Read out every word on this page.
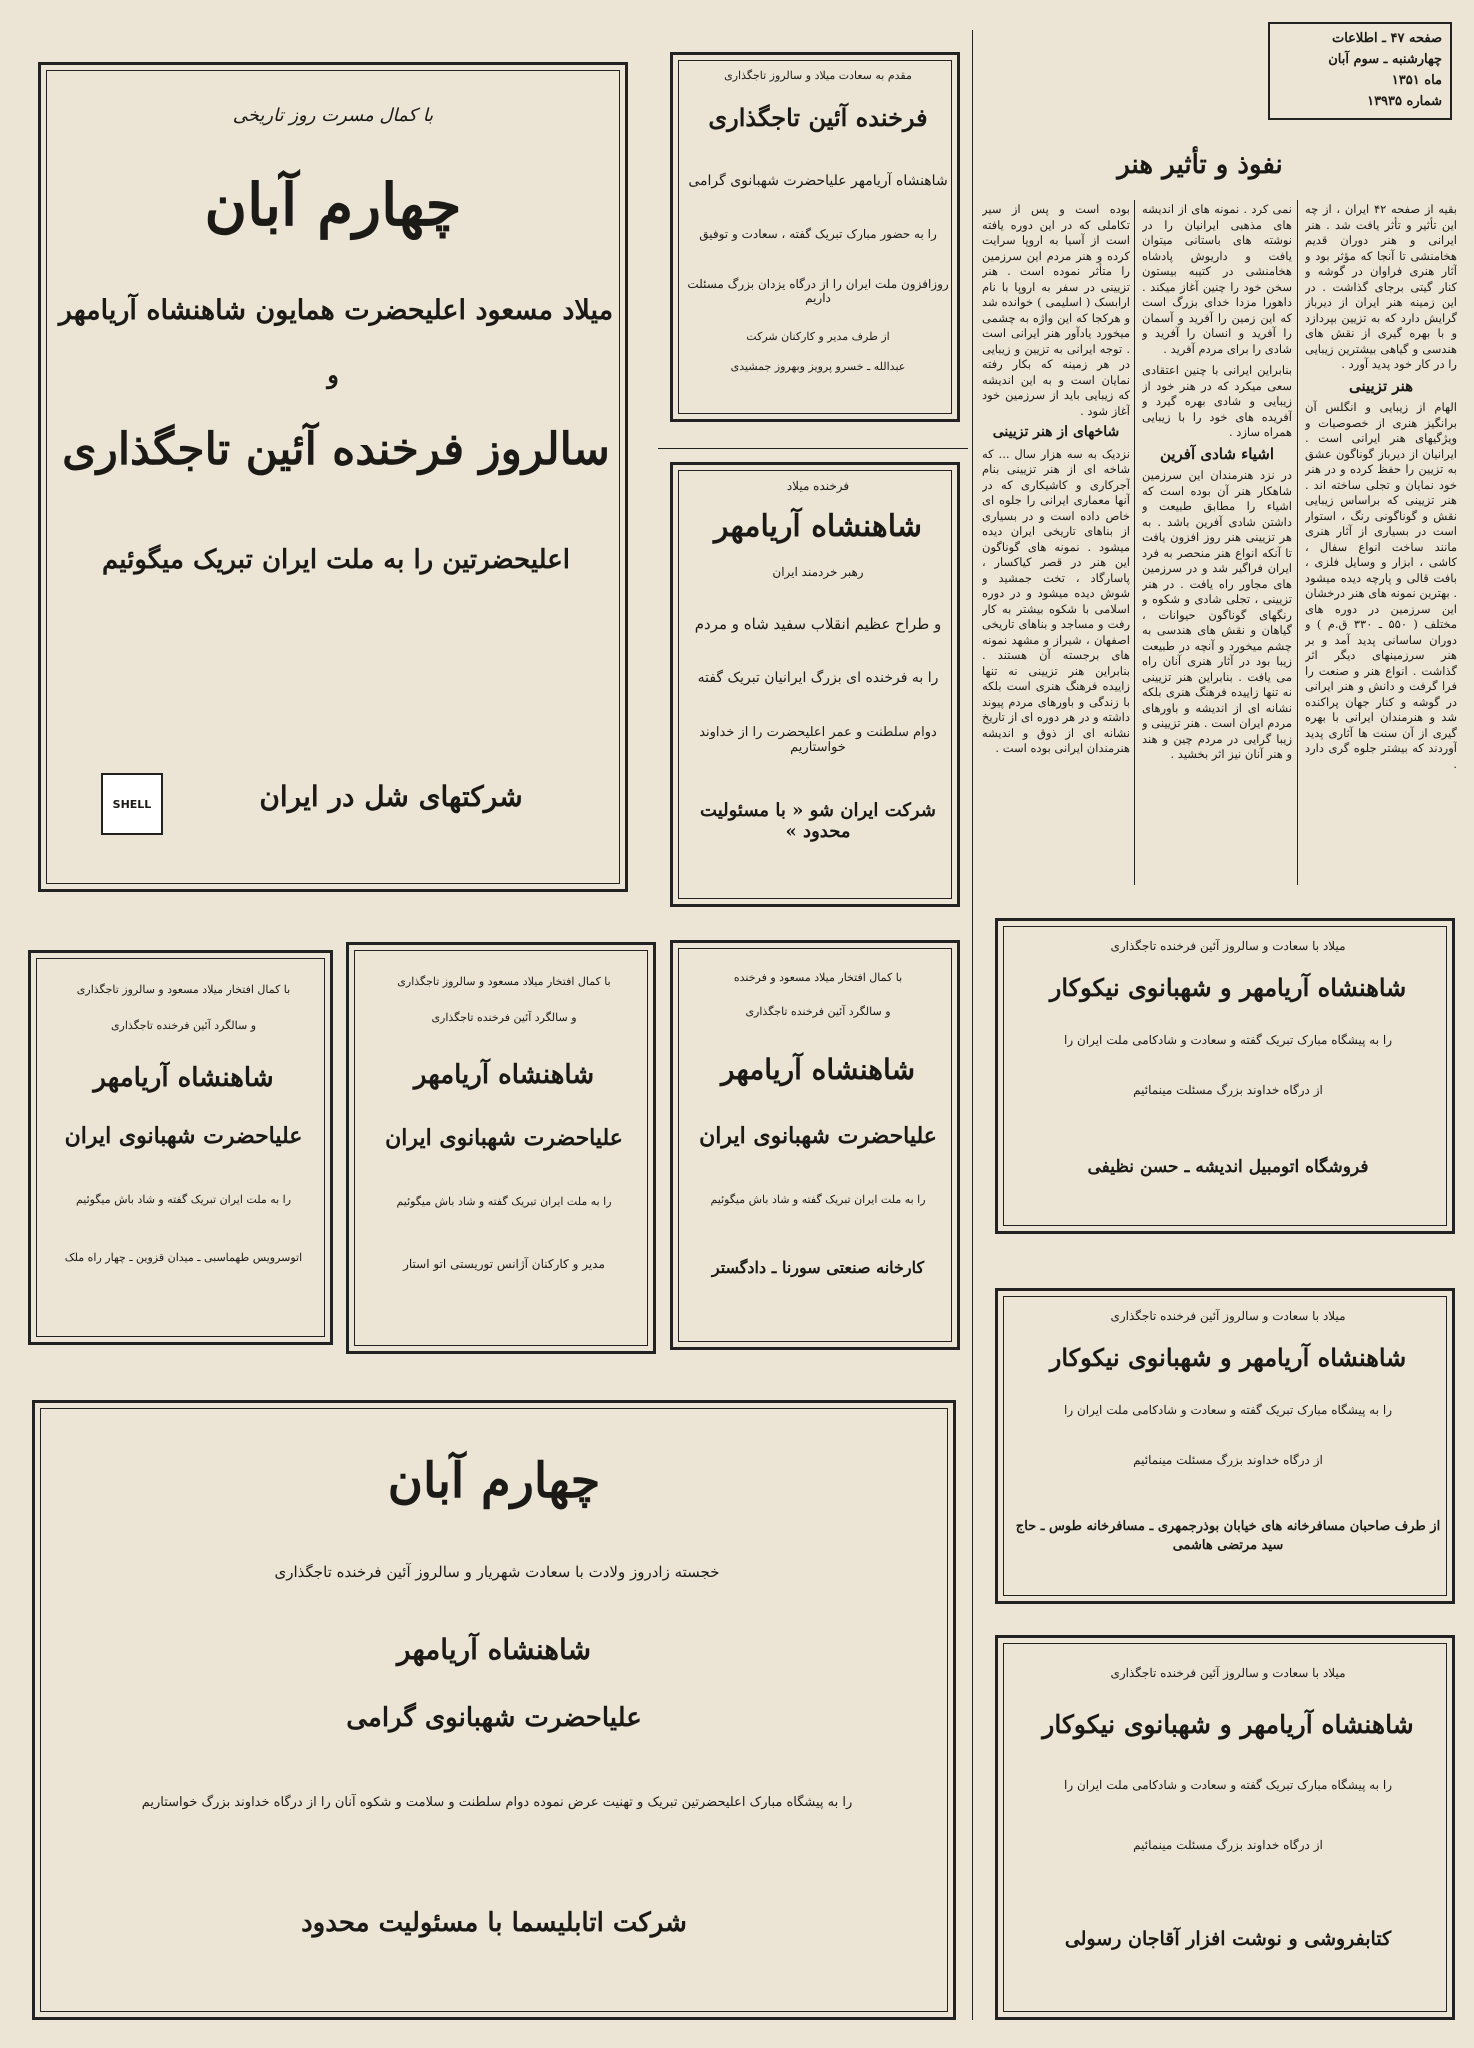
صفحه ۴۷ ـ اطلاعات
چهارشنبه ـ سوم آبان
ماه ۱۳۵۱
شماره ۱۳۹۳۵
نفوذ و تأثیر هنر

بقیه از صفحه ۴۲ ایران ، از چه این تأثیر و تأثر یافت شد . هنر ایرانی و هنر دوران قدیم هخامنشی تا آنجا که مؤثر بود و آثار هنری فراوان در گوشه و کنار گیتی برجای گذاشت . در این زمینه هنر ایران از دیرباز گرایش دارد که به تزیین بپردازد و با بهره گیری از نقش های هندسی و گیاهی بیشترین زیبایی را در کار خود پدید آورد .

هنر تزیینی

الهام از زیبایی و انگلس آن برانگیز هنری از خصوصیات و ویژگیهای هنر ایرانی است . ایرانیان از دیرباز گوناگون عشق به تزیین را حفظ کرده و در هنر خود نمایان و تجلی ساخته اند . هنر تزیینی که براساس زیبایی نقش و گوناگونی رنگ ، استوار است در بسیاری از آثار هنری مانند ساخت انواع سفال ، کاشی ، ابزار و وسایل فلزی ، بافت قالی و پارچه دیده میشود . بهترین نمونه های هنر درخشان این سرزمین در دوره های مختلف ( ۵۵۰ ـ ۳۳۰ ق.م ) و دوران ساسانی پدید آمد و بر هنر سرزمینهای دیگر اثر گذاشت . انواع هنر و صنعت را فرا گرفت و دانش و هنر ایرانی در گوشه و کنار جهان پراکنده شد و هنرمندان ایرانی با بهره گیری از آن سنت ها آثاری پدید آوردند که بیشتر جلوه گری دارد .

نمی کرد . نمونه های از اندیشه های مذهبی ایرانیان را در نوشته های باستانی میتوان یافت و داریوش پادشاه هخامنشی در کتیبه بیستون سخن خود را چنین آغاز میکند . داهورا مزدا خدای بزرگ است که این زمین را آفرید و آسمان را آفرید و انسان را آفرید و شادی را برای مردم آفرید .

بنابراین ایرانی با چنین اعتقادی سعی میکرد که در هنر خود از زیبایی و شادی بهره گیرد و آفریده های خود را با زیبایی همراه سازد .

اشیاء شادی آفرین

در نزد هنرمندان این سرزمین شاهکار هنر آن بوده است که اشیاء را مطابق طبیعت و داشتن شادی آفرین باشد . به هر تزیینی هنر روز افزون یافت تا آنکه انواع هنر منحصر به فرد ایران فراگیر شد و در سرزمین های مجاور راه یافت . در هنر تزیینی ، تجلی شادی و شکوه و رنگهای گوناگون حیوانات ، گیاهان و نقش های هندسی به چشم میخورد و آنچه در طبیعت زیبا بود در آثار هنری آنان راه می یافت . بنابراین هنر تزیینی نه تنها زاییده فرهنگ هنری بلکه نشانه ای از اندیشه و باورهای مردم ایران است . هنر تزیینی و زیبا گرایی در مردم چین و هند و هنر آنان نیز اثر بخشید .

بوده است و پس از سیر تکاملی که در این دوره یافته است از آسیا به اروپا سرایت کرده و هنر مردم این سرزمین را متأثر نموده است . هنر تزیینی در سفر به اروپا با نام ارابسک ( اسلیمی ) خوانده شد و هرکجا که این واژه به چشمی میخورد یادآور هنر ایرانی است . توجه ایرانی به تزیین و زیبایی در هر زمینه که بکار رفته نمایان است و به این اندیشه که زیبایی باید از سرزمین خود آغاز شود .

شاخهای از هنر تزیینی

نزدیک به سه هزار سال ... که شاخه ای از هنر تزیینی بنام آجرکاری و کاشیکاری که در آنها معماری ایرانی را جلوه ای خاص داده است و در بسیاری از بناهای تاریخی ایران دیده میشود . نمونه های گوناگون این هنر در قصر کیاکسار ، پاسارگاد ، تخت جمشید و شوش دیده میشود و در دوره اسلامی با شکوه بیشتر به کار رفت و مساجد و بناهای تاریخی اصفهان ، شیراز و مشهد نمونه های برجسته آن هستند . بنابراین هنر تزیینی نه تنها زاییده فرهنگ هنری است بلکه با زندگی و باورهای مردم پیوند داشته و در هر دوره ای از تاریخ نشانه ای از ذوق و اندیشه هنرمندان ایرانی بوده است .

با کمال مسرت روز تاریخی
چهارم آبان
میلاد مسعود اعلیحضرت همایون شاهنشاه آریامهر
و
سالروز فرخنده آئین تاجگذاری
اعلیحضرتین را به ملت ایران تبریک میگوئیم
SHELL	شرکتهای شل در ایران
مقدم به سعادت میلاد و سالروز تاجگذاری
فرخنده آئین تاجگذاری
شاهنشاه آریامهر علیاحضرت شهبانوی گرامی
را به حضور مبارک تبریک گفته ، سعادت و توفیق
روزافزون ملت ایران را از درگاه یزدان بزرگ مسئلت داریم
از طرف مدیر و کارکنان شرکت
عبدالله ـ خسرو پرویز وبهروز جمشیدی
فرخنده میلاد
شاهنشاه آریامهر
رهبر خردمند ایران
و طراح عظیم انقلاب سفید شاه و مردم
را به فرخنده ای بزرگ ایرانیان تبریک گفته
دوام سلطنت و عمر اعلیحضرت را از خداوند خواستاریم
شرکت ایران شو « با مسئولیت محدود »
میلاد با سعادت و سالروز آئین فرخنده تاجگذاری
شاهنشاه آریامهر و شهبانوی نیکوکار
را به پیشگاه مبارک تبریک گفته و سعادت و شادکامی ملت ایران را
از درگاه خداوند بزرگ مسئلت مینمائیم
فروشگاه اتومبیل اندیشه ـ حسن نظیفی
میلاد با سعادت و سالروز آئین فرخنده تاجگذاری
شاهنشاه آریامهر و شهبانوی نیکوکار
را به پیشگاه مبارک تبریک گفته و سعادت و شادکامی ملت ایران را
از درگاه خداوند بزرگ مسئلت مینمائیم
از طرف صاحبان مسافرخانه های خیابان بوذرجمهری ـ مسافرخانه طوس ـ حاج سید مرتضی هاشمی
میلاد با سعادت و سالروز آئین فرخنده تاجگذاری
شاهنشاه آریامهر و شهبانوی نیکوکار
را به پیشگاه مبارک تبریک گفته و سعادت و شادکامی ملت ایران را
از درگاه خداوند بزرگ مسئلت مینمائیم
کتابفروشی و نوشت افزار آقاجان رسولی
با کمال افتخار میلاد مسعود و سالروز تاجگذاری
و سالگرد آئین فرخنده تاجگذاری
شاهنشاه آریامهر
علیاحضرت شهبانوی ایران
را به ملت ایران تبریک گفته و شاد باش میگوئیم
اتوسرویس طهماسبی ـ میدان قزوین ـ چهار راه ملک
با کمال افتخار میلاد مسعود و سالروز تاجگذاری
و سالگرد آئین فرخنده تاجگذاری
شاهنشاه آریامهر
علیاحضرت شهبانوی ایران
را به ملت ایران تبریک گفته و شاد باش میگوئیم
مدیر و کارکنان آژانس توریستی اتو استار
با کمال افتخار میلاد مسعود و فرخنده
و سالگرد آئین فرخنده تاجگذاری
شاهنشاه آریامهر
علیاحضرت شهبانوی ایران
را به ملت ایران تبریک گفته و شاد باش میگوئیم
کارخانه صنعتی سورنا ـ دادگستر
چهارم آبان
خجسته زادروز ولادت با سعادت شهریار و سالروز آئین فرخنده تاجگذاری
شاهنشاه آریامهر
علیاحضرت شهبانوی گرامی
را به پیشگاه مبارک اعلیحضرتین تبریک و تهنیت عرض نموده دوام سلطنت و سلامت و شکوه آنان را از درگاه خداوند بزرگ خواستاریم
شرکت اتابلیسما با مسئولیت محدود
